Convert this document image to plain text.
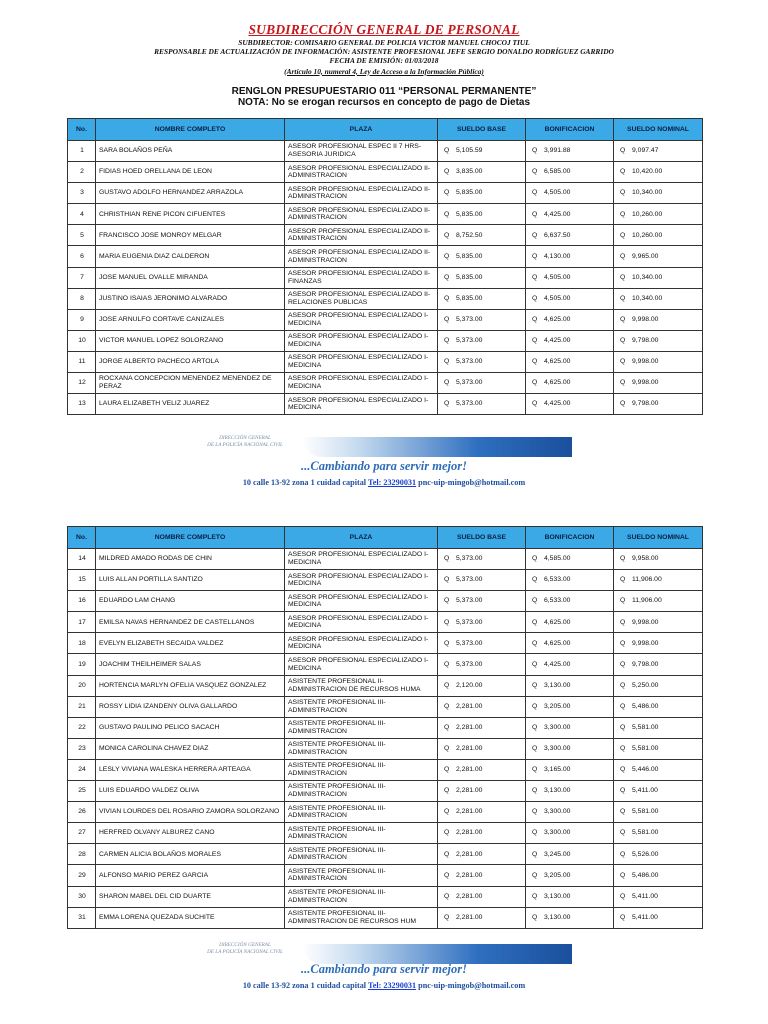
SUBDIRECCIÓN GENERAL DE PERSONAL
SUBDIRECTOR: COMISARIO GENERAL DE POLICIA VICTOR MANUEL CHOCOJ TIUL
RESPONSABLE DE ACTUALIZACIÓN DE INFORMACIÓN: ASISTENTE PROFESIONAL JEFE SERGIO DONALDO RODRÍGUEZ GARRIDO
FECHA DE EMISIÓN: 01/03/2018
(Artículo 10, numeral 4, Ley de Acceso a la Información Pública)
RENGLON PRESUPUESTARIO 011 “PERSONAL PERMANENTE”
NOTA: No se erogan recursos en concepto de pago de Dietas
No.	NOMBRE COMPLETO	PLAZA	SUELDO BASE	BONIFICACION	SUELDO NOMINAL
1	SARA BOLAÑOS PEÑA	ASESOR PROFESIONAL ESPEC II 7 HRS- ASESORIA JURIDICA	Q 5,105.59	Q 3,991.88	Q 9,097.47
2	FIDIAS HOED ORELLANA DE LEON	ASESOR PROFESIONAL ESPECIALIZADO II-ADMINISTRACION	Q 3,835.00	Q 6,585.00	Q 10,420.00
3	GUSTAVO ADOLFO HERNANDEZ ARRAZOLA	ASESOR PROFESIONAL ESPECIALIZADO II-ADMINISTRACION	Q 5,835.00	Q 4,505.00	Q 10,340.00
4	CHRISTHIAN RENE PICON CIFUENTES	ASESOR PROFESIONAL ESPECIALIZADO II-ADMINISTRACION	Q 5,835.00	Q 4,425.00	Q 10,260.00
5	FRANCISCO JOSE MONROY MELGAR	ASESOR PROFESIONAL ESPECIALIZADO II-ADMINISTRACION	Q 8,752.50	Q 6,637.50	Q 10,260.00
6	MARIA EUGENIA DIAZ CALDERON	ASESOR PROFESIONAL ESPECIALIZADO II-ADMINISTRACION	Q 5,835.00	Q 4,130.00	Q 9,965.00
7	JOSE MANUEL OVALLE MIRANDA	ASESOR PROFESIONAL ESPECIALIZADO II-FINANZAS	Q 5,835.00	Q 4,505.00	Q 10,340.00
8	JUSTINO ISAIAS JERONIMO ALVARADO	ASESOR PROFESIONAL ESPECIALIZADO II-RELACIONES PUBLICAS	Q 5,835.00	Q 4,505.00	Q 10,340.00
9	JOSE ARNULFO CORTAVE CANIZALES	ASESOR PROFESIONAL ESPECIALIZADO I-MEDICINA	Q 5,373.00	Q 4,625.00	Q 9,998.00
10	VICTOR MANUEL LOPEZ SOLORZANO	ASESOR PROFESIONAL ESPECIALIZADO I-MEDICINA	Q 5,373.00	Q 4,425.00	Q 9,798.00
11	JORGE ALBERTO PACHECO ARTOLA	ASESOR PROFESIONAL ESPECIALIZADO I-MEDICINA	Q 5,373.00	Q 4,625.00	Q 9,998.00
12	ROCXANA CONCEPCION MENENDEZ MENENDEZ DE PERAZ	ASESOR PROFESIONAL ESPECIALIZADO I-MEDICINA	Q 5,373.00	Q 4,625.00	Q 9,998.00
13	LAURA ELIZABETH VELIZ JUAREZ	ASESOR PROFESIONAL ESPECIALIZADO I-MEDICINA	Q 5,373.00	Q 4,425.00	Q 9,798.00
DIRECCIÓN GENERAL
DE LA POLICÍA NACIONAL CIVIL
...Cambiando para servir mejor!
10 calle 13-92 zona 1 cuidad capital Tel: 23290031 pnc-uip-mingob@hotmail.com
No.	NOMBRE COMPLETO	PLAZA	SUELDO BASE	BONIFICACION	SUELDO NOMINAL
14	MILDRED AMADO RODAS DE CHIN	ASESOR PROFESIONAL ESPECIALIZADO I-MEDICINA	Q 5,373.00	Q 4,585.00	Q 9,958.00
15	LUIS ALLAN PORTILLA SANTIZO	ASESOR PROFESIONAL ESPECIALIZADO I-MEDICINA	Q 5,373.00	Q 6,533.00	Q 11,906.00
16	EDUARDO LAM CHANG	ASESOR PROFESIONAL ESPECIALIZADO I-MEDICINA	Q 5,373.00	Q 6,533.00	Q 11,906.00
17	EMILSA NAVAS HERNANDEZ DE CASTELLANOS	ASESOR PROFESIONAL ESPECIALIZADO I-MEDICINA	Q 5,373.00	Q 4,625.00	Q 9,998.00
18	EVELYN ELIZABETH SECAIDA VALDEZ	ASESOR PROFESIONAL ESPECIALIZADO I-MEDICINA	Q 5,373.00	Q 4,625.00	Q 9,998.00
19	JOACHIM THEILHEIMER SALAS	ASESOR PROFESIONAL ESPECIALIZADO I-MEDICINA	Q 5,373.00	Q 4,425.00	Q 9,798.00
20	HORTENCIA MARLYN OFELIA VASQUEZ GONZALEZ	ASISTENTE PROFESIONAL II- ADMINISTRACION DE RECURSOS HUMA	Q 2,120.00	Q 3,130.00	Q 5,250.00
21	ROSSY LIDIA IZANDENY OLIVA GALLARDO	ASISTENTE PROFESIONAL III- ADMINISTRACION	Q 2,281.00	Q 3,205.00	Q 5,486.00
22	GUSTAVO PAULINO PELICO SACACH	ASISTENTE PROFESIONAL III- ADMINISTRACION	Q 2,281.00	Q 3,300.00	Q 5,581.00
23	MONICA CAROLINA CHAVEZ DIAZ	ASISTENTE PROFESIONAL III- ADMINISTRACION	Q 2,281.00	Q 3,300.00	Q 5,581.00
24	LESLY VIVIANA WALESKA HERRERA ARTEAGA	ASISTENTE PROFESIONAL III- ADMINISTRACION	Q 2,281.00	Q 3,165.00	Q 5,446.00
25	LUIS EDUARDO VALDEZ OLIVA	ASISTENTE PROFESIONAL III- ADMINISTRACION	Q 2,281.00	Q 3,130.00	Q 5,411.00
26	VIVIAN LOURDES DEL ROSARIO ZAMORA SOLORZANO	ASISTENTE PROFESIONAL III- ADMINISTRACION	Q 2,281.00	Q 3,300.00	Q 5,581.00
27	HERFRED OLVANY ALBUREZ CANO	ASISTENTE PROFESIONAL III- ADMINISTRACION	Q 2,281.00	Q 3,300.00	Q 5,581.00
28	CARMEN ALICIA BOLAÑOS MORALES	ASISTENTE PROFESIONAL III- ADMINISTRACION	Q 2,281.00	Q 3,245.00	Q 5,526.00
29	ALFONSO MARIO PEREZ GARCIA	ASISTENTE PROFESIONAL III- ADMINISTRACION	Q 2,281.00	Q 3,205.00	Q 5,486.00
30	SHARON MABEL DEL CID DUARTE	ASISTENTE PROFESIONAL III- ADMINISTRACION	Q 2,281.00	Q 3,130.00	Q 5,411.00
31	EMMA LORENA QUEZADA SUCHITE	ASISTENTE PROFESIONAL III- ADMINISTRACION DE RECURSOS HUM	Q 2,281.00	Q 3,130.00	Q 5,411.00
DIRECCIÓN GENERAL
DE LA POLICÍA NACIONAL CIVIL
...Cambiando para servir mejor!
10 calle 13-92 zona 1 cuidad capital Tel: 23290031 pnc-uip-mingob@hotmail.com
